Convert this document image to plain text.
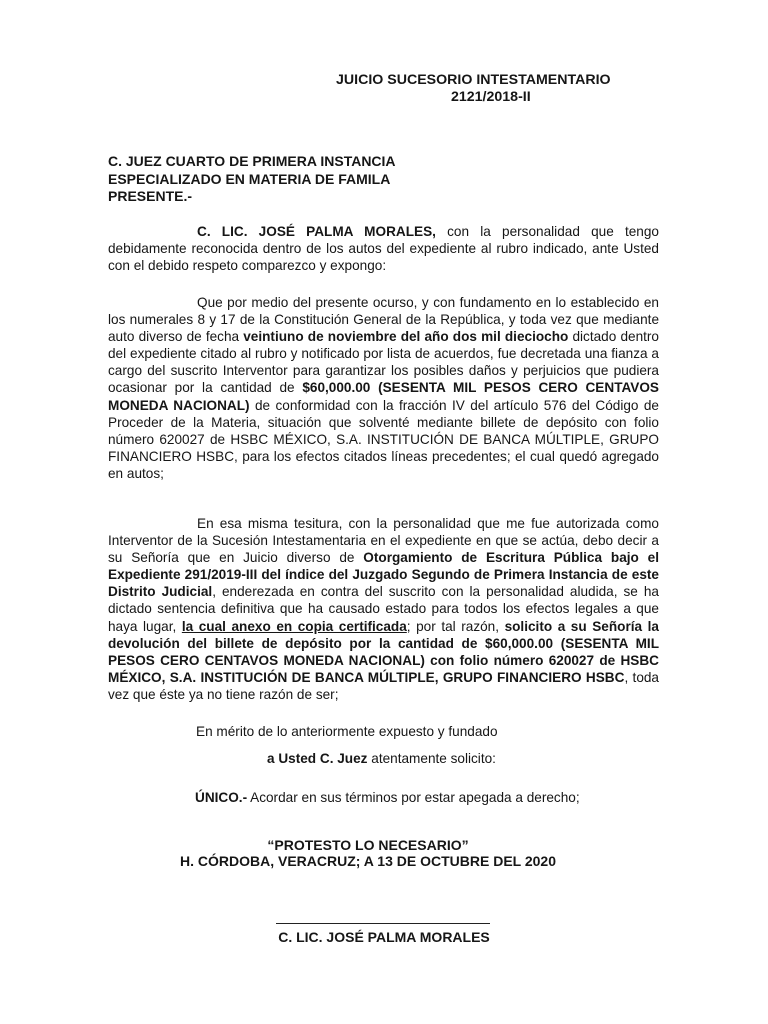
JUICIO SUCESORIO INTESTAMENTARIO
2121/2018-II
C. JUEZ CUARTO DE PRIMERA INSTANCIA
ESPECIALIZADO EN MATERIA DE FAMILA
PRESENTE.-

C. LIC. JOSÉ PALMA MORALES, con la personalidad que tengo debidamente reconocida dentro de los autos del expediente al rubro indicado, ante Usted con el debido respeto comparezco y expongo:

Que por medio del presente ocurso, y con fundamento en lo establecido en los numerales 8 y 17 de la Constitución General de la República, y toda vez que mediante auto diverso de fecha veintiuno de noviembre del año dos mil dieciocho dictado dentro del expediente citado al rubro y notificado por lista de acuerdos, fue decretada una fianza a cargo del suscrito Interventor para garantizar los posibles daños y perjuicios que pudiera ocasionar por la cantidad de $60,000.00 (SESENTA MIL PESOS CERO CENTAVOS MONEDA NACIONAL) de conformidad con la fracción IV del artículo 576 del Código de Proceder de la Materia, situación que solventé mediante billete de depósito con folio número 620027 de HSBC MÉXICO, S.A. INSTITUCIÓN DE BANCA MÚLTIPLE, GRUPO FINANCIERO HSBC, para los efectos citados líneas precedentes; el cual quedó agregado en autos;

En esa misma tesitura, con la personalidad que me fue autorizada como Interventor de la Sucesión Intestamentaria en el expediente en que se actúa, debo decir a su Señoría que en Juicio diverso de Otorgamiento de Escritura Pública bajo el Expediente 291/2019-III del índice del Juzgado Segundo de Primera Instancia de este Distrito Judicial, enderezada en contra del suscrito con la personalidad aludida, se ha dictado sentencia definitiva que ha causado estado para todos los efectos legales a que haya lugar, la cual anexo en copia certificada; por tal razón, solicito a su Señoría la devolución del billete de depósito por la cantidad de $60,000.00 (SESENTA MIL PESOS CERO CENTAVOS MONEDA NACIONAL) con folio número 620027 de HSBC MÉXICO, S.A. INSTITUCIÓN DE BANCA MÚLTIPLE, GRUPO FINANCIERO HSBC, toda vez que éste ya no tiene razón de ser;

En mérito de lo anteriormente expuesto y fundado
a Usted C. Juez atentamente solicito:
ÚNICO.- Acordar en sus términos por estar apegada a derecho;
“PROTESTO LO NECESARIO”
H. CÓRDOBA, VERACRUZ; A 13 DE OCTUBRE DEL 2020
C. LIC. JOSÉ PALMA MORALES
